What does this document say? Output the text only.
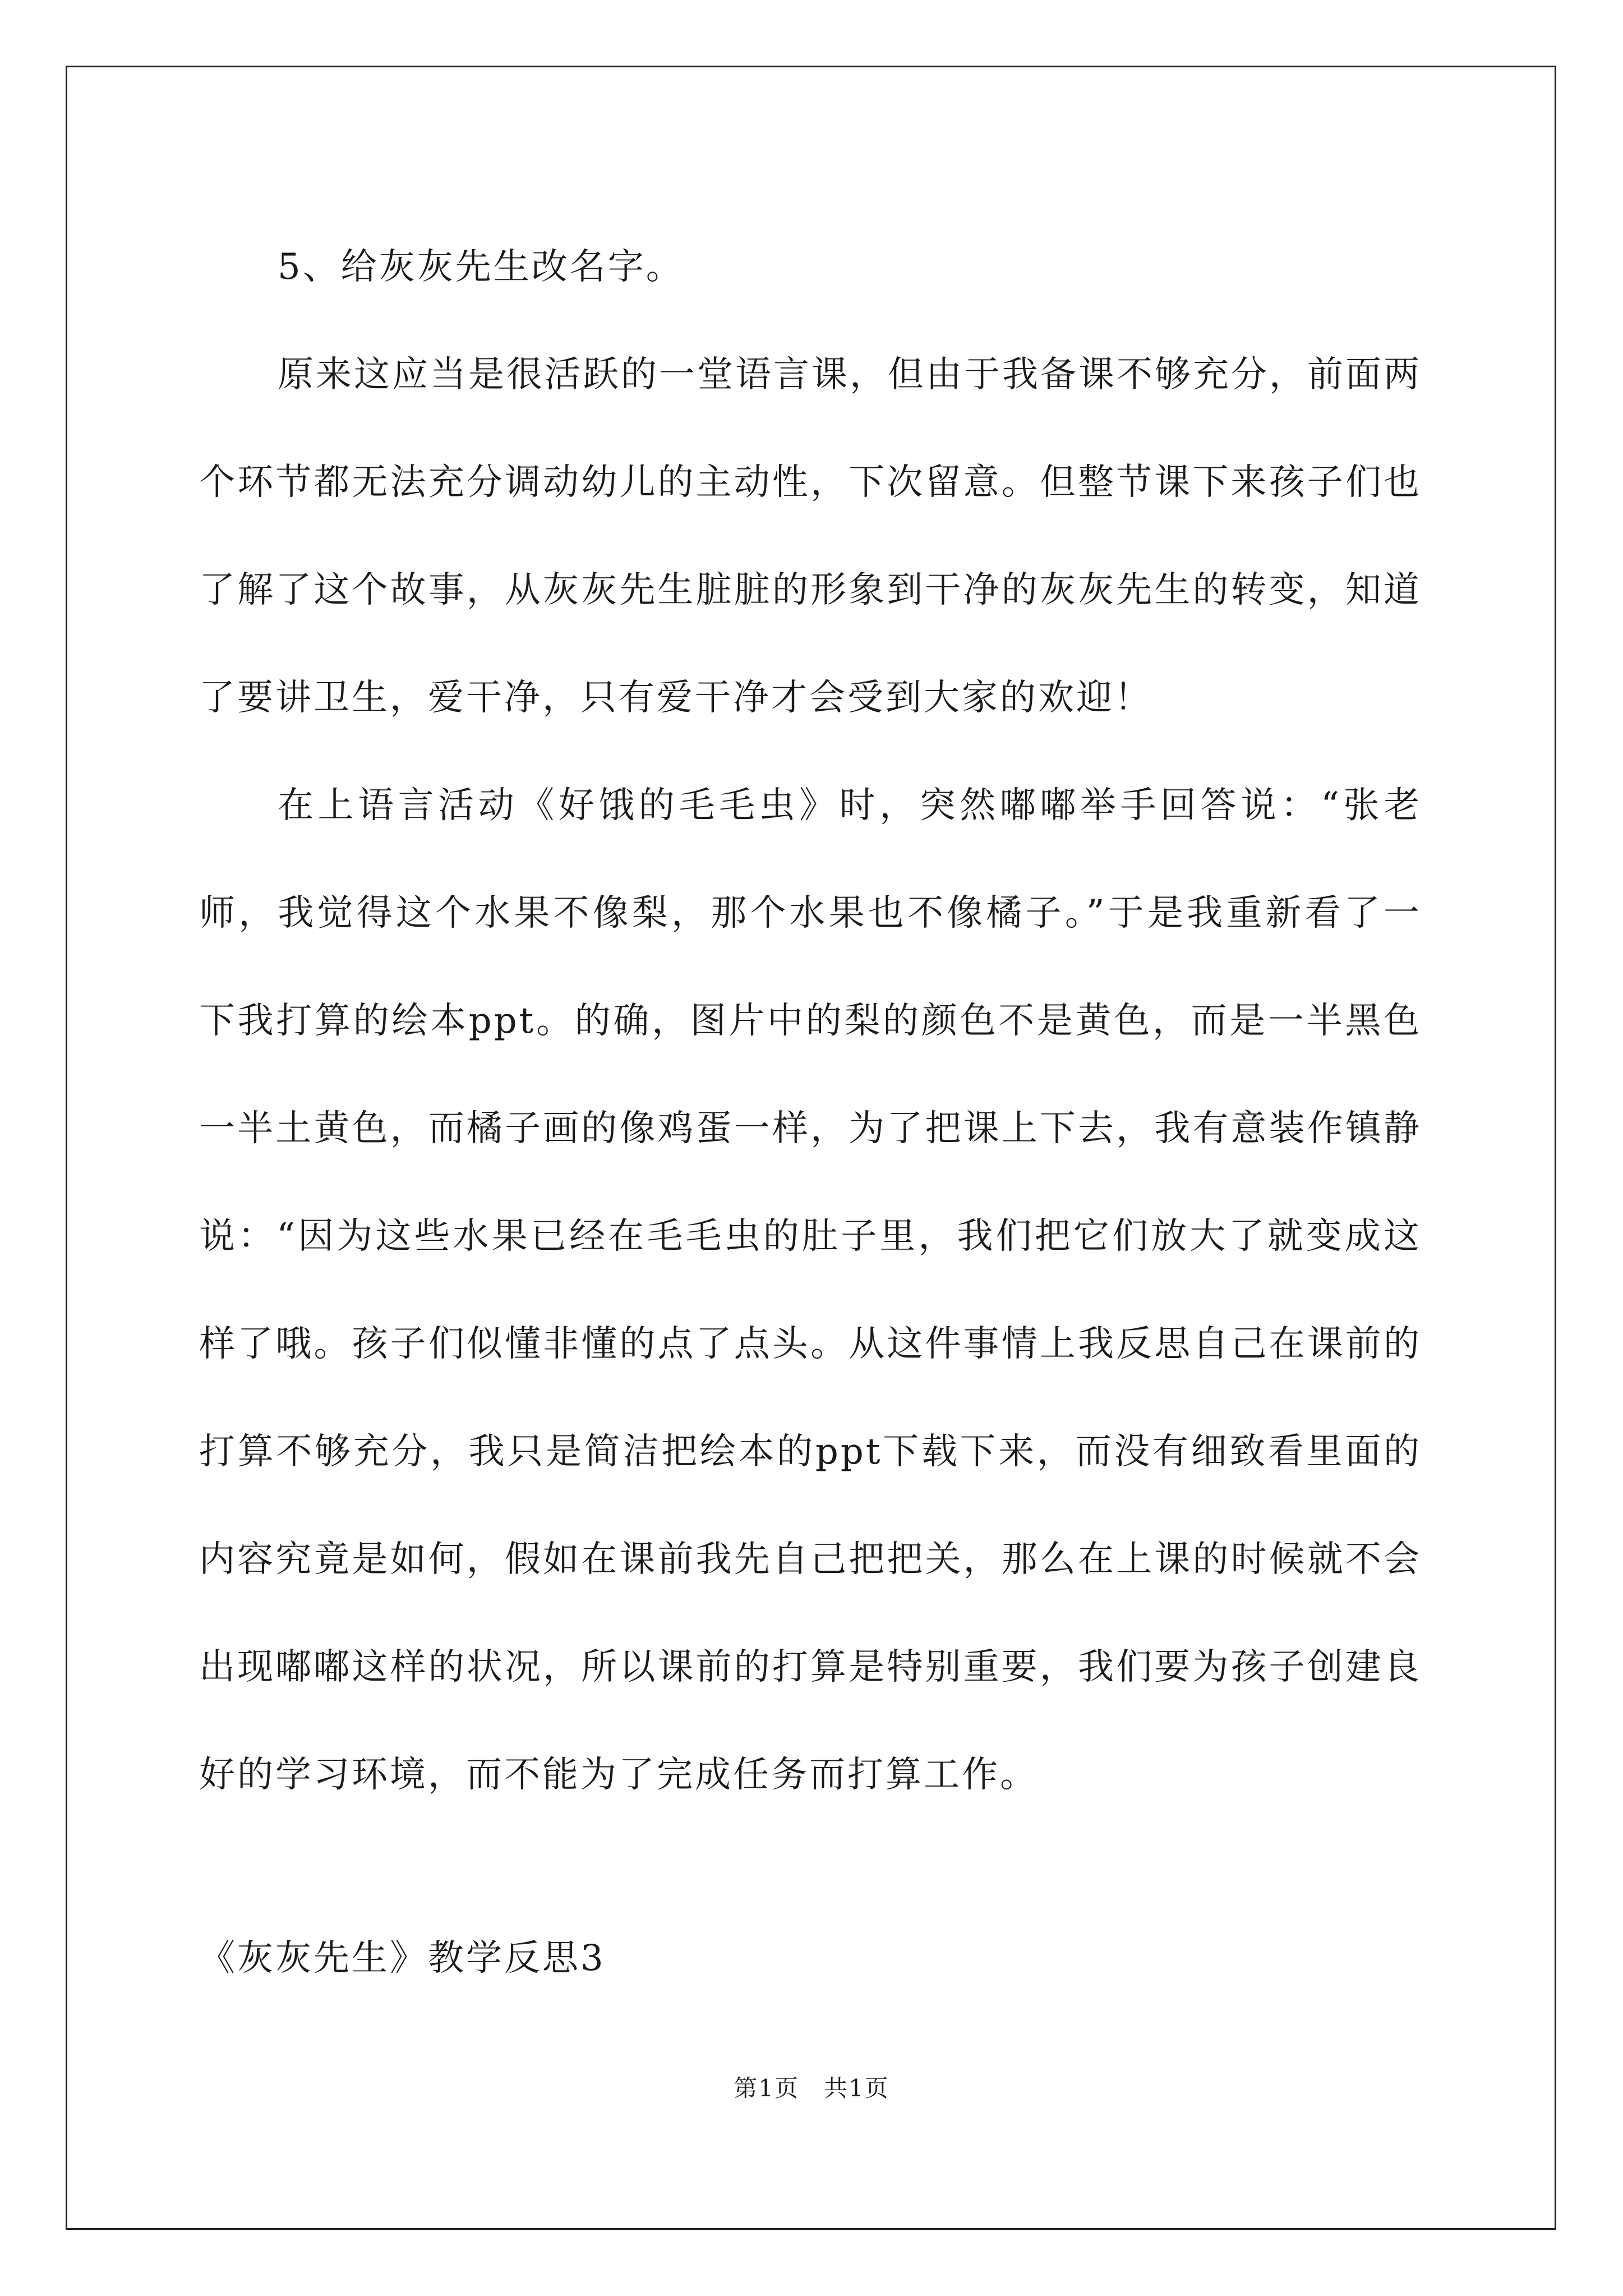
5、给灰灰先生改名字。

原来这应当是很活跃的一堂语言课，但由于我备课不够充分，前面两个环节都无法充分调动幼儿的主动性，下次留意。但整节课下来孩子们也了解了这个故事，从灰灰先生脏脏的形象到干净的灰灰先生的转变，知道了要讲卫生，爱干净，只有爱干净才会受到大家的欢迎！

在上语言活动《好饿的毛毛虫》时，突然嘟嘟举手回答说：“张老师，我觉得这个水果不像梨，那个水果也不像橘子。”于是我重新看了一下我打算的绘本ppt。的确，图片中的梨的颜色不是黄色，而是一半黑色一半土黄色，而橘子画的像鸡蛋一样，为了把课上下去，我有意装作镇静说：“因为这些水果已经在毛毛虫的肚子里，我们把它们放大了就变成这样了哦。孩子们似懂非懂的点了点头。从这件事情上我反思自己在课前的打算不够充分，我只是简洁把绘本的ppt下载下来，而没有细致看里面的内容究竟是如何，假如在课前我先自己把把关，那么在上课的时候就不会出现嘟嘟这样的状况，所以课前的打算是特别重要，我们要为孩子创建良好的学习环境，而不能为了完成任务而打算工作。

《灰灰先生》教学反思3

第1页　共1页
